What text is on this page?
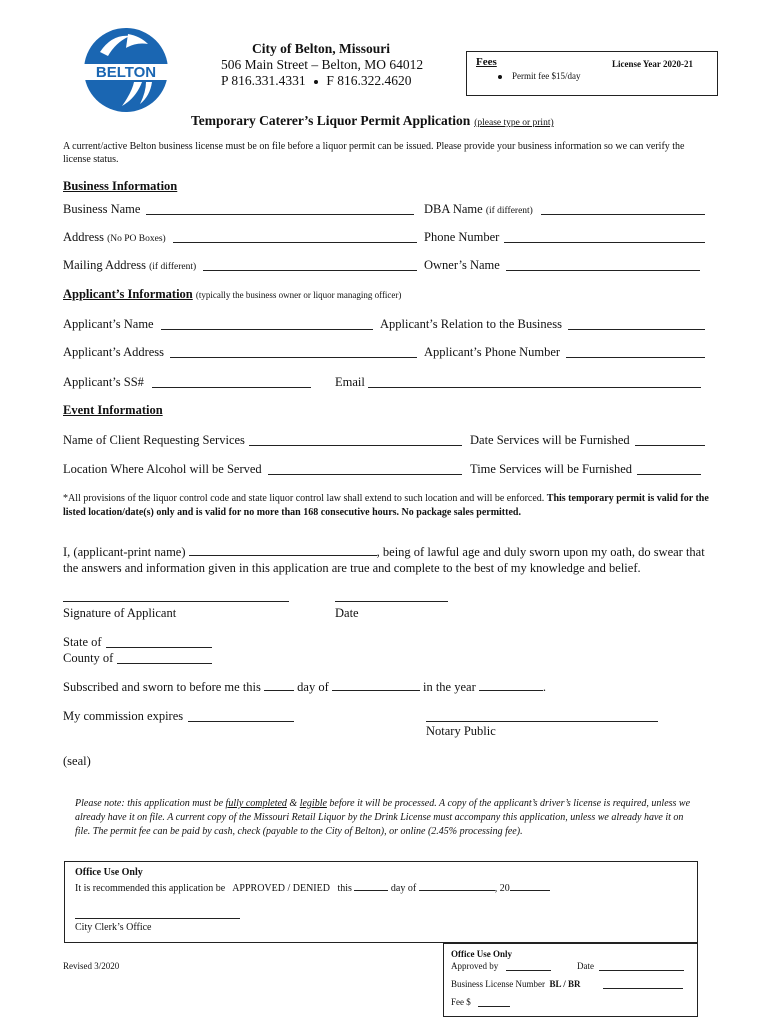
BELTON
City of Belton, Missouri
506 Main Street – Belton, MO 64012
P 816.331.4331 F 816.322.4620
Fees	License Year 2020-21
Permit fee $15/day
Temporary Caterer’s Liquor Permit Application (please type or print)
A current/active Belton business license must be on file before a liquor permit can be issued. Please provide your business information so we can verify the license status.
Business Information
Business Name	DBA Name (if different)
Address (No PO Boxes)	Phone Number
Mailing Address (if different)	Owner’s Name
Applicant’s Information (typically the business owner or liquor managing officer)
Applicant’s Name	Applicant’s Relation to the Business
Applicant’s Address	Applicant’s Phone Number
Applicant’s SS#	Email
Event Information
Name of Client Requesting Services	Date Services will be Furnished
Location Where Alcohol will be Served	Time Services will be Furnished
*All provisions of the liquor control code and state liquor control law shall extend to such location and will be enforced. This temporary permit is valid for the listed location/date(s) only and is valid for no more than 168 consecutive hours. No package sales permitted.
I, (applicant-print name)	, being of lawful age and duly sworn upon my oath, do swear that
the answers and information given in this application are true and complete to the best of my knowledge and belief.
Signature of Applicant	Date
State of
County of
Subscribed and sworn to before me this	day of	in the year	.
My commission expires
Notary Public
(seal)
Please note: this application must be fully completed & legible before it will be processed. A copy of the applicant’s driver’s license is required, unless we already have it on file. A current copy of the Missouri Retail Liquor by the Drink License must accompany this application, unless we already have it on file. The permit fee can be paid by cash, check (payable to the City of Belton), or online (2.45% processing fee).
Office Use Only
It is recommended this application be APPROVED / DENIED this	day of	, 20
City Clerk’s Office
Revised 3/2020
Office Use Only
Approved by	Date
Business License Number BL / BR
Fee $
